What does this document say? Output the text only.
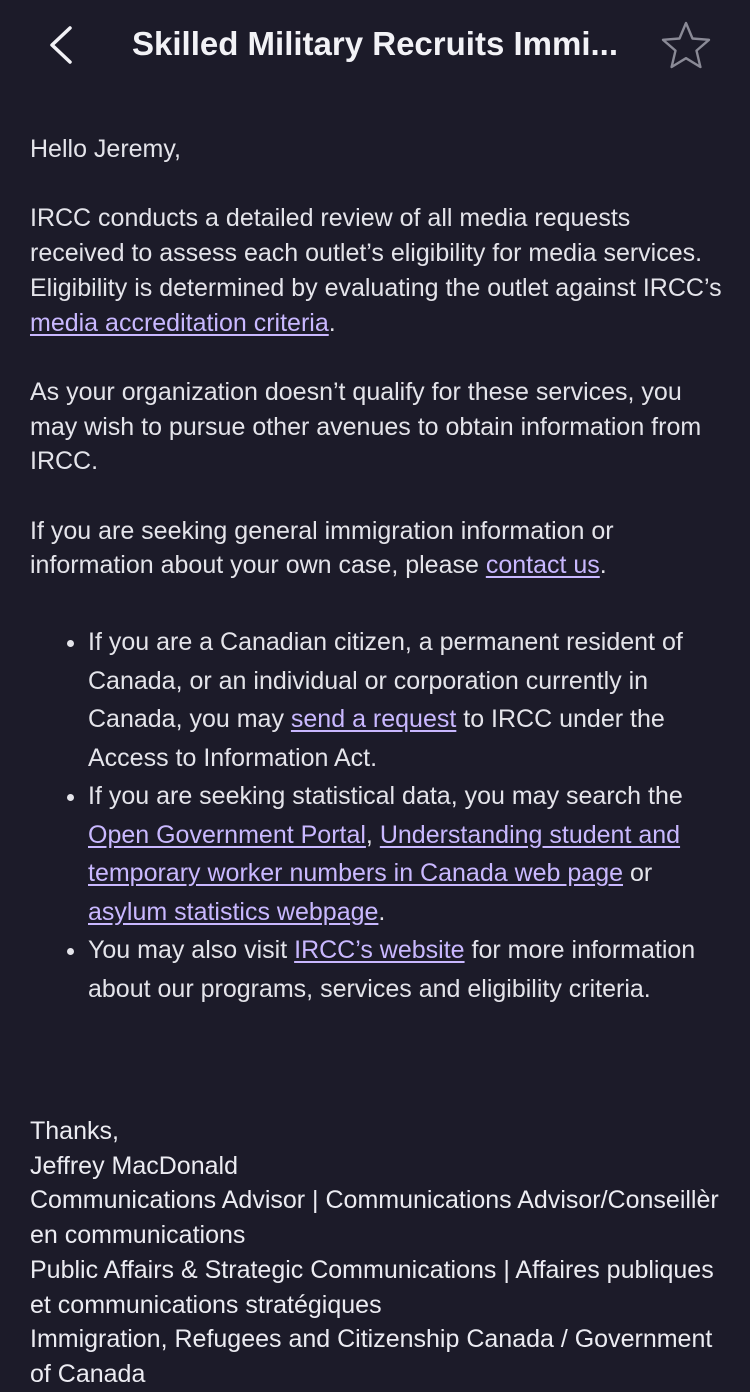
Skilled Military Recruits Immi...

Hello Jeremy,

IRCC conducts a detailed review of all media requests received to assess each outlet’s eligibility for media services. Eligibility is determined by evaluating the outlet against IRCC’s media accreditation criteria.

As your organization doesn’t qualify for these services, you may wish to pursue other avenues to obtain information from IRCC.

If you are seeking general immigration information or information about your own case, please contact us.

• If you are a Canadian citizen, a permanent resident of Canada, or an individual or corporation currently in Canada, you may send a request to IRCC under the Access to Information Act.
• If you are seeking statistical data, you may search the Open Government Portal, Understanding student and temporary worker numbers in Canada web page or asylum statistics webpage.
• You may also visit IRCC’s website for more information about our programs, services and eligibility criteria.
Thanks,
Jeffrey MacDonald
Communications Advisor | Communications Advisor/Conseillèr en communications
Public Affairs & Strategic Communications | Affaires publiques et communications stratégiques
Immigration, Refugees and Citizenship Canada / Government of Canada
